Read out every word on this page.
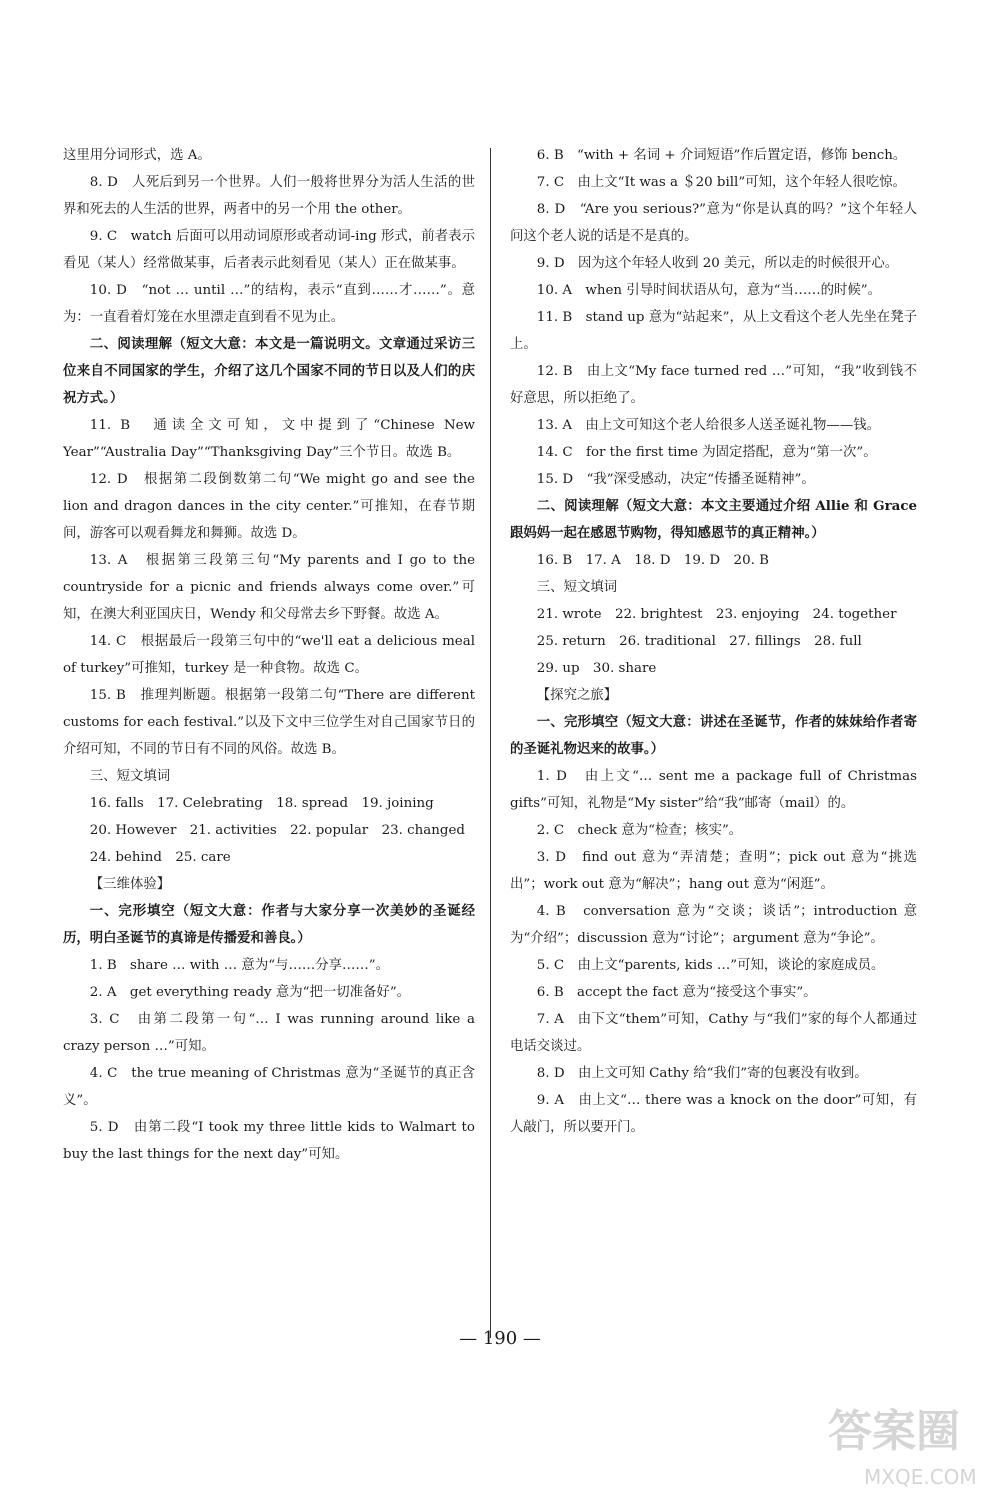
这里用分词形式，选 A。

8. D　人死后到另一个世界。人们一般将世界分为活人生活的世界和死去的人生活的世界，两者中的另一个用 the other。

9. C　watch 后面可以用动词原形或者动词-ing 形式，前者表示看见（某人）经常做某事，后者表示此刻看见（某人）正在做某事。

10. D　“not … until …”的结构，表示“直到……才……”。意为：一直看着灯笼在水里漂走直到看不见为止。

二、阅读理解（短文大意：本文是一篇说明文。文章通过采访三位来自不同国家的学生，介绍了这几个国家不同的节日以及人们的庆祝方式。）

11. B　通读全文可知，文中提到了“Chinese New Year”“Australia Day”“Thanksgiving Day”三个节日。故选 B。

12. D　根据第二段倒数第二句“We might go and see the lion and dragon dances in the city center.”可推知，在春节期间，游客可以观看舞龙和舞狮。故选 D。

13. A　根据第三段第三句“My parents and I go to the countryside for a picnic and friends always come over.”可知，在澳大利亚国庆日，Wendy 和父母常去乡下野餐。故选 A。

14. C　根据最后一段第三句中的“we'll eat a delicious meal of turkey”可推知，turkey 是一种食物。故选 C。

15. B　推理判断题。根据第一段第二句“There are different customs for each festival.”以及下文中三位学生对自己国家节日的介绍可知，不同的节日有不同的风俗。故选 B。

三、短文填词

16. falls　17. Celebrating　18. spread　19. joining

20. However　21. activities　22. popular　23. changed

24. behind　25. care

【三维体验】

一、完形填空（短文大意：作者与大家分享一次美妙的圣诞经历，明白圣诞节的真谛是传播爱和善良。）

1. B　share … with … 意为“与……分享……”。

2. A　get everything ready 意为“把一切准备好”。

3. C　由第二段第一句“… I was running around like a crazy person …”可知。

4. C　the true meaning of Christmas 意为“圣诞节的真正含义”。

5. D　由第二段“I took my three little kids to Walmart to buy the last things for the next day”可知。

6. B　“with + 名词 + 介词短语”作后置定语，修饰 bench。

7. C　由上文“It was a ＄20 bill”可知，这个年轻人很吃惊。

8. D　“Are you serious?”意为“你是认真的吗？”这个年轻人问这个老人说的话是不是真的。

9. D　因为这个年轻人收到 20 美元，所以走的时候很开心。

10. A　when 引导时间状语从句，意为“当……的时候”。

11. B　stand up 意为“站起来”，从上文看这个老人先坐在凳子上。

12. B　由上文“My face turned red …”可知，“我”收到钱不好意思，所以拒绝了。

13. A　由上文可知这个老人给很多人送圣诞礼物——钱。

14. C　for the first time 为固定搭配，意为“第一次”。

15. D　“我”深受感动，决定“传播圣诞精神”。

二、阅读理解（短文大意：本文主要通过介绍 Allie 和 Grace 跟妈妈一起在感恩节购物，得知感恩节的真正精神。）

16. B　17. A　18. D　19. D　20. B

三、短文填词

21. wrote　22. brightest　23. enjoying　24. together

25. return　26. traditional　27. fillings　28. full

29. up　30. share

【探究之旅】

一、完形填空（短文大意：讲述在圣诞节，作者的妹妹给作者寄的圣诞礼物迟来的故事。）

1. D　由上文“… sent me a package full of Christmas gifts”可知，礼物是“My sister”给“我”邮寄（mail）的。

2. C　check 意为“检查；核实”。

3. D　find out 意为“弄清楚；查明”；pick out 意为“挑选出”；work out 意为“解决”；hang out 意为“闲逛”。

4. B　conversation 意为“交谈；谈话”；introduction 意为“介绍”；discussion 意为“讨论”；argument 意为“争论”。

5. C　由上文“parents, kids …”可知，谈论的家庭成员。

6. B　accept the fact 意为“接受这个事实”。

7. A　由下文“them”可知，Cathy 与“我们”家的每个人都通过电话交谈过。

8. D　由上文可知 Cathy 给“我们”寄的包裹没有收到。

9. A　由上文“… there was a knock on the door”可知，有人敲门，所以要开门。

— 190 —
答案圈
MXQE.COM
